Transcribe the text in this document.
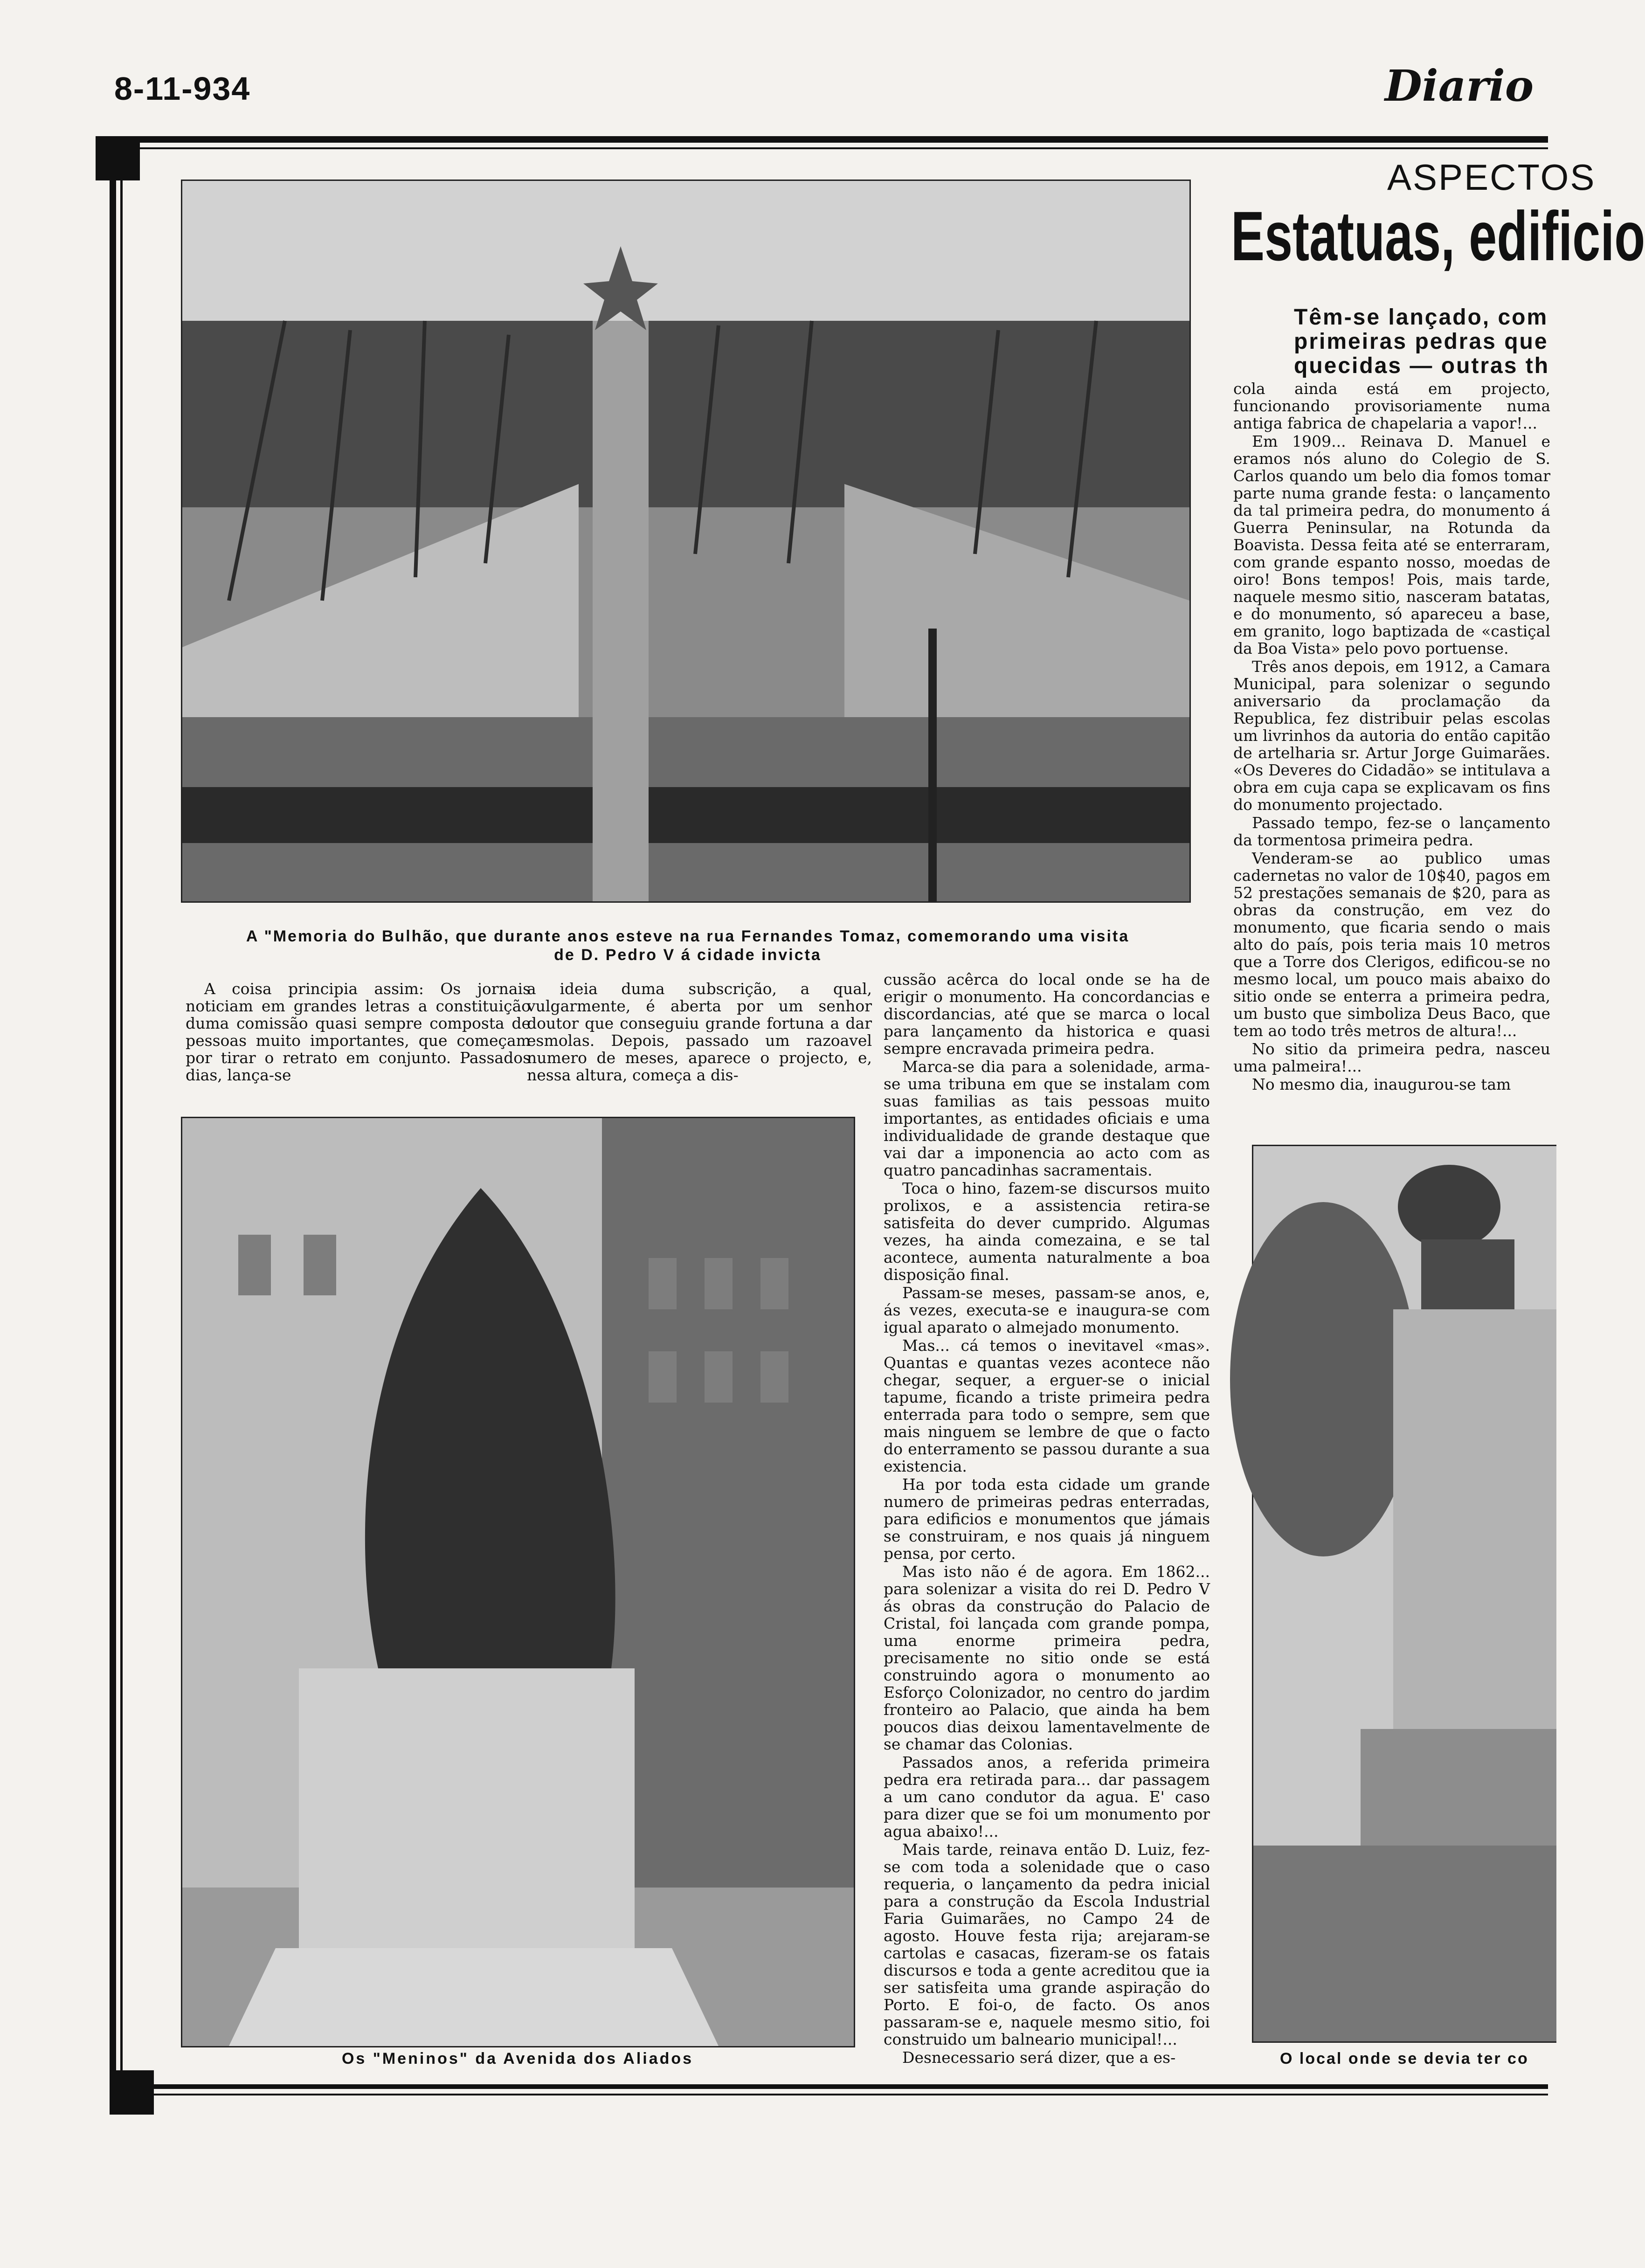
8-11-934	Diario
A "Memoria do Bulhão, que durante anos esteve na rua Fernandes Tomaz, comemorando uma visita
de D. Pedro V á cidade invicta

A coisa principia assim: Os jornais noticiam em grandes letras a constituição duma comissão quasi sempre composta de pessoas muito importantes, que começam por tirar o retrato em conjunto. Passados dias, lança-se

a ideia duma subscrição, a qual, vulgarmente, é aberta por um senhor doutor que conseguiu grande fortuna a dar esmolas. Depois, passado um razoavel numero de meses, aparece o projecto, e, nessa altura, começa a dis-

cussão acêrca do local onde se ha de erigir o monumento. Ha concordancias e discordancias, até que se marca o local para lançamento da historica e quasi sempre encravada primeira pedra.

Marca-se dia para a solenidade, arma-se uma tribuna em que se instalam com suas familias as tais pessoas muito importantes, as entidades oficiais e uma individualidade de grande destaque que vai dar a imponencia ao acto com as quatro pancadinhas sacramentais.

Toca o hino, fazem-se discursos muito prolixos, e a assistencia retira-se satisfeita do dever cumprido. Algumas vezes, ha ainda comezaina, e se tal acontece, aumenta naturalmente a boa disposição final.

Passam-se meses, passam-se anos, e, ás vezes, executa-se e inaugura-se com igual aparato o almejado monumento.

Mas... cá temos o inevitavel «mas». Quantas e quantas vezes acontece não chegar, sequer, a erguer-se o inicial tapume, ficando a triste primeira pedra enterrada para todo o sempre, sem que mais ninguem se lembre de que o facto do enterramento se passou durante a sua existencia.

Ha por toda esta cidade um grande numero de primeiras pedras enterradas, para edificios e monumentos que jámais se construiram, e nos quais já ninguem pensa, por certo.

Mas isto não é de agora. Em 1862... para solenizar a visita do rei D. Pedro V ás obras da construção do Palacio de Cristal, foi lançada com grande pompa, uma enorme primeira pedra, precisamente no sitio onde se está construindo agora o monumento ao Esforço Colonizador, no centro do jardim fronteiro ao Palacio, que ainda ha bem poucos dias deixou lamentavelmente de se chamar das Colonias.

Passados anos, a referida primeira pedra era retirada para... dar passagem a um cano condutor da agua. E' caso para dizer que se foi um monumento por agua abaixo!...

Mais tarde, reinava então D. Luiz, fez-se com toda a solenidade que o caso requeria, o lançamento da pedra inicial para a construção da Escola Industrial Faria Guimarães, no Campo 24 de agosto. Houve festa rija; arejaram-se cartolas e casacas, fizeram-se os fatais discursos e toda a gente acreditou que ia ser satisfeita uma grande aspiração do Porto. E foi-o, de facto. Os anos passaram-se e, naquele mesmo sitio, foi construido um balneario municipal!...

Desnecessario será dizer, que a es-

Os "Meninos" da Avenida dos Aliados
ASPECTOS
Estatuas, edificio
Têm-se lançado, com
primeiras pedras que
quecidas — outras th

cola ainda está em projecto, funcionando provisoriamente numa antiga fabrica de chapelaria a vapor!...

Em 1909... Reinava D. Manuel e eramos nós aluno do Colegio de S. Carlos quando um belo dia fomos tomar parte numa grande festa: o lançamento da tal primeira pedra, do monumento á Guerra Peninsular, na Rotunda da Boavista. Dessa feita até se enterraram, com grande espanto nosso, moedas de oiro! Bons tempos! Pois, mais tarde, naquele mesmo sitio, nasceram batatas, e do monumento, só apareceu a base, em granito, logo baptizada de «castiçal da Boa Vista» pelo povo portuense.

Três anos depois, em 1912, a Camara Municipal, para solenizar o segundo aniversario da proclamação da Republica, fez distribuir pelas escolas um livrinhos da autoria do então capitão de artelharia sr. Artur Jorge Guimarães. «Os Deveres do Cidadão» se intitulava a obra em cuja capa se explicavam os fins do monumento projectado.

Passado tempo, fez-se o lançamento da tormentosa primeira pedra.

Venderam-se ao publico umas cadernetas no valor de 10$40, pagos em 52 prestações semanais de $20, para as obras da construção, em vez do monumento, que ficaria sendo o mais alto do país, pois teria mais 10 metros que a Torre dos Clerigos, edificou-se no mesmo local, um pouco mais abaixo do sitio onde se enterra a primeira pedra, um busto que simboliza Deus Baco, que tem ao todo três metros de altura!...

No sitio da primeira pedra, nasceu uma palmeira!...

No mesmo dia, inaugurou-se tam

O local onde se devia ter co
